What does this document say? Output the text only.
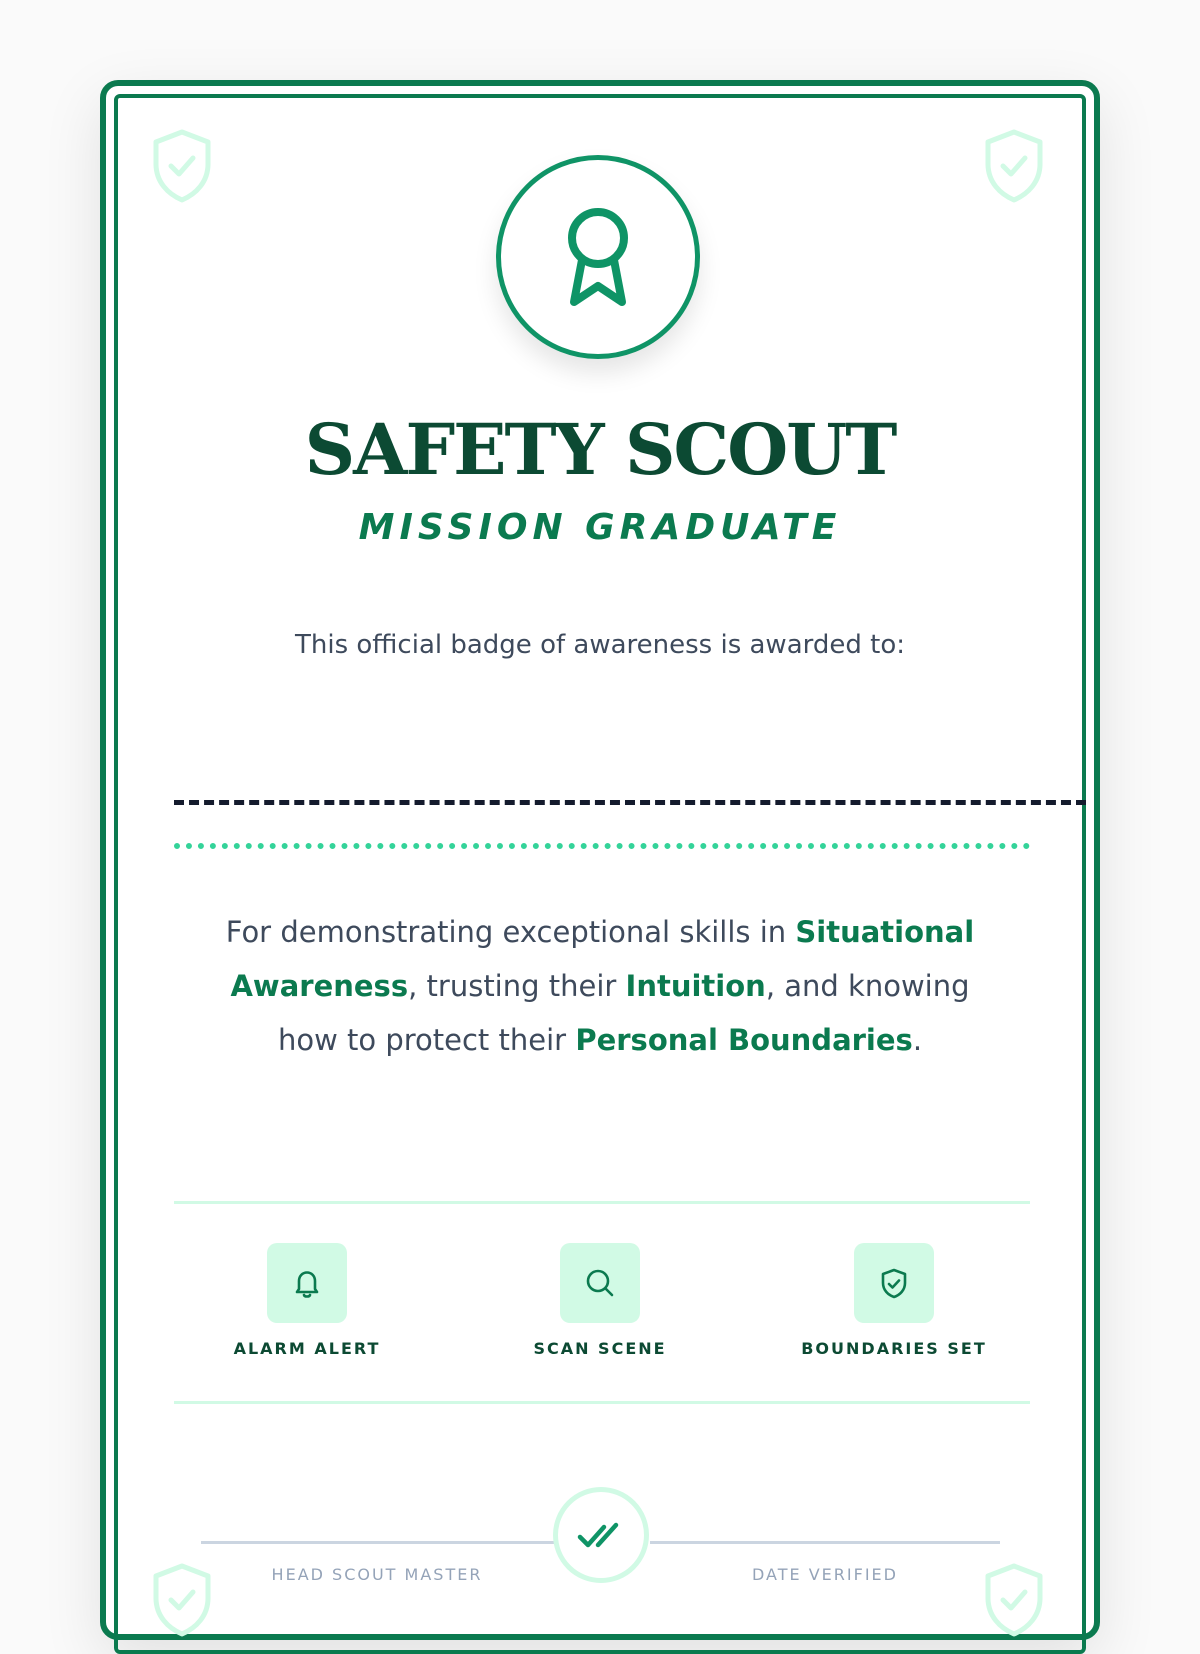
SAFETY SCOUT
MISSION GRADUATE
This official badge of awareness is awarded to:
For demonstrating exceptional skills in Situational Awareness, trusting their Intuition, and knowing how to protect their Personal Boundaries.
ALARM ALERT	SCAN SCENE	BOUNDARIES SET
HEAD SCOUT MASTER	DATE VERIFIED
